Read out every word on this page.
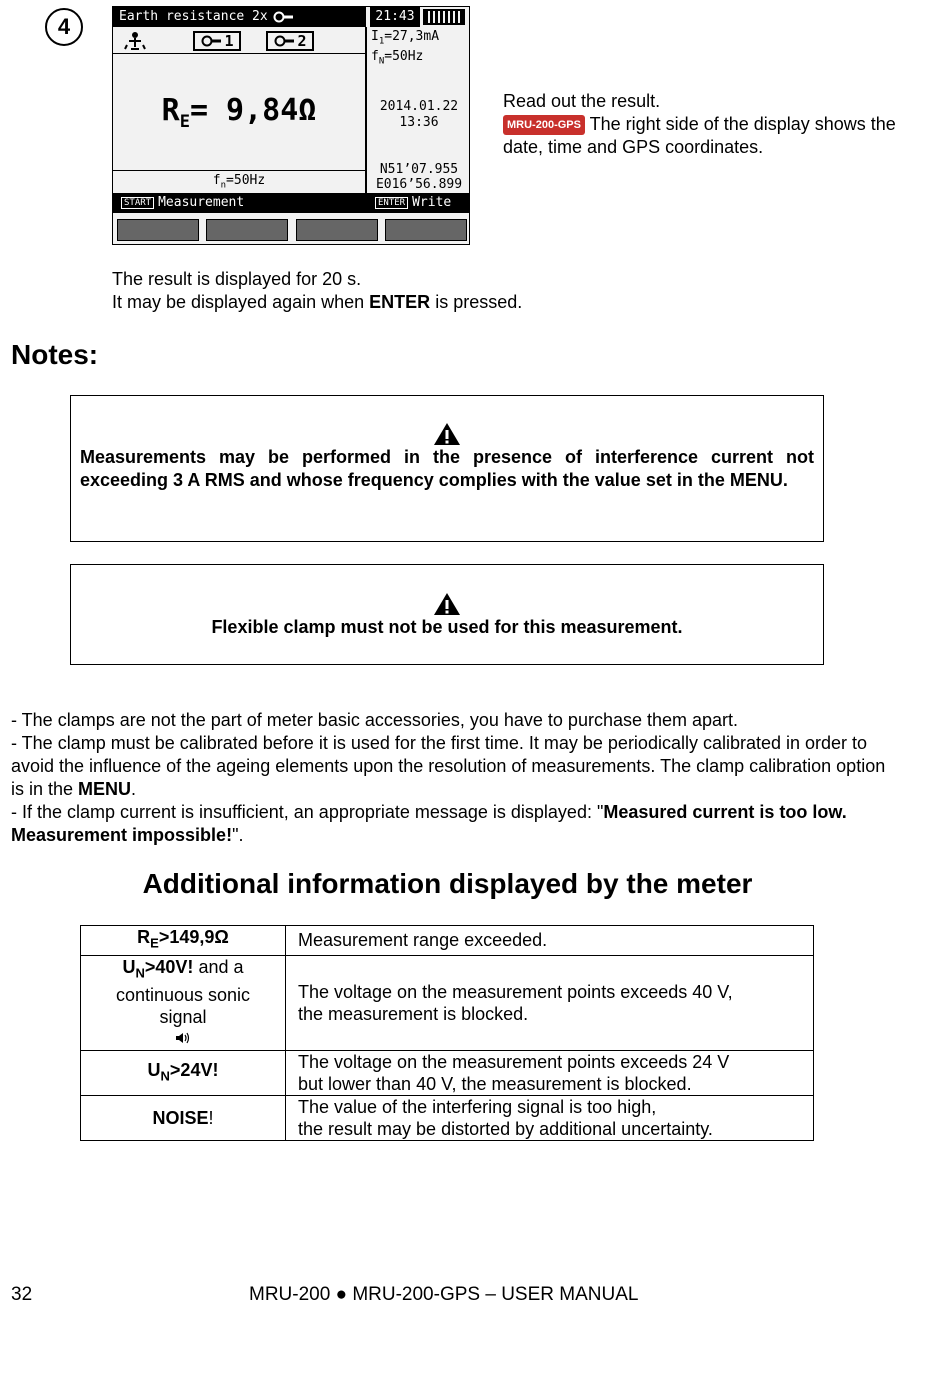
4	Earth resistance 2x	21:43
1	2	$I_1=27,3mA$
$f_N=50Hz$
$R_E= 9,84\Omega$	2014.01.22
13:36
$f_n=50Hz$
N51’07.955
E016’56.899
START Measurement	ENTER Write
Read out the result.
MRU-200-GPS The right side of the display shows the date, time and GPS coordinates.
The result is displayed for 20 s.
It may be displayed again when ENTER is pressed.
Notes:
Measurements may be performed in the presence of interference current not exceeding 3 A RMS and whose frequency complies with the value set in the MENU.
Flexible clamp must not be used for this measurement.
- The clamps are not the part of meter basic accessories, you have to purchase them apart.
- The clamp must be calibrated before it is used for the first time. It may be periodically calibrated in order to avoid the influence of the ageing elements upon the resolution of measurements. The clamp calibration option is in the MENU.
- If the clamp current is insufficient, an appropriate message is displayed: "Measured current is too low. Measurement impossible!".
Additional information displayed by the meter
$R_E>149,9\Omega$	Measurement range exceeded.

$U_N>40V$! and a continuous sonic signal	The voltage on the measurement points exceeds 40 V,
the measurement is blocked.

$U_N>24V$!	The voltage on the measurement points exceeds 24 V
but lower than 40 V, the measurement is blocked.

NOISE!	The value of the interfering signal is too high,
the result may be distorted by additional uncertainty.
32	MRU-200 ● MRU-200-GPS – USER MANUAL
